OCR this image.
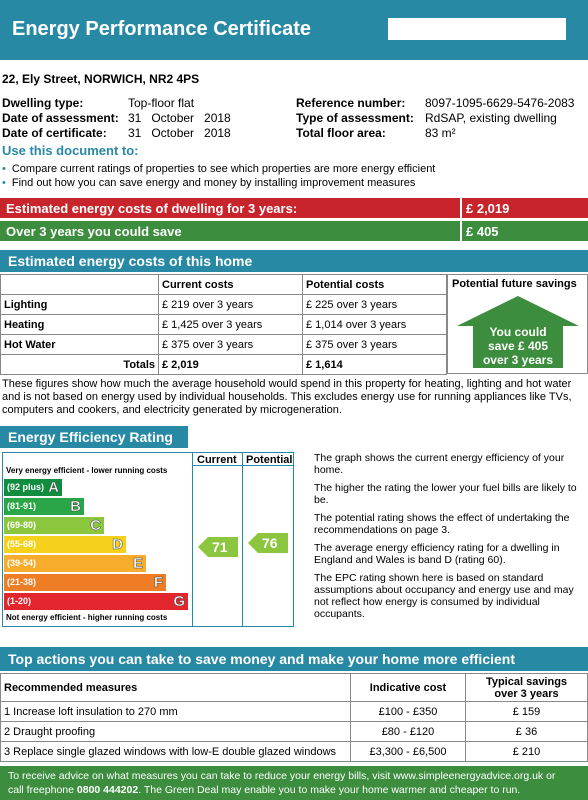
Energy Performance Certificate
22, Ely Street, NORWICH, NR2 4PS
Dwelling type:	Top-floor flat
Date of assessment: 31   October   2018
Date of certificate: 31   October   2018
Reference number: 8097-1095-6629-5476-2083
Type of assessment: RdSAP, existing dwelling
Total floor area:	83 m²
Use this document to:
• Compare current ratings of properties to see which properties are more energy efficient
• Find out how you can save energy and money by installing improvement measures
Estimated energy costs of dwelling for 3 years:	£ 2,019
Over 3 years you could save	£ 405
Estimated energy costs of this home
	Current costs	Potential costs
Lighting	£ 219 over 3 years	£ 225 over 3 years
Heating	£ 1,425 over 3 years	£ 1,014 over 3 years
Hot Water	£ 375 over 3 years	£ 375 over 3 years
Totals	£ 2,019	£ 1,614
Potential future savings
You could
save £ 405
over 3 years
These figures show how much the average household would spend in this property for heating, lighting and hot water and is not based on energy used by individual households. This excludes energy use for running appliances like TVs, computers and cookers, and electricity generated by microgeneration.
Energy Efficiency Rating
Current Potential
Very energy efficient - lower running costs
(92 plus) A
(81-91) B
(69-80)	C
(55-68)	D
(39-54)	E
(21-38)	F
(1-20)	G
Not energy efficient - higher running costs
71 76
The graph shows the current energy efficiency of your home.
The higher the rating the lower your fuel bills are likely to be.
The potential rating shows the effect of undertaking the recommendations on page 3.
The average energy efficiency rating for a dwelling in England and Wales is band D (rating 60).
The EPC rating shown here is based on standard assumptions about occupancy and energy use and may not reflect how energy is consumed by individual occupants.
Top actions you can take to save money and make your home more efficient
Recommended measures	Indicative cost	Typical savings over 3 years
1 Increase loft insulation to 270 mm	£100 - £350	£ 159
2 Draught proofing	£80 - £120	£ 36
3 Replace single glazed windows with low-E double glazed windows	£3,300 - £6,500	£ 210
To receive advice on what measures you can take to reduce your energy bills, visit www.simpleenergyadvice.org.uk or
call freephone 0800 444202. The Green Deal may enable you to make your home warmer and cheaper to run.
